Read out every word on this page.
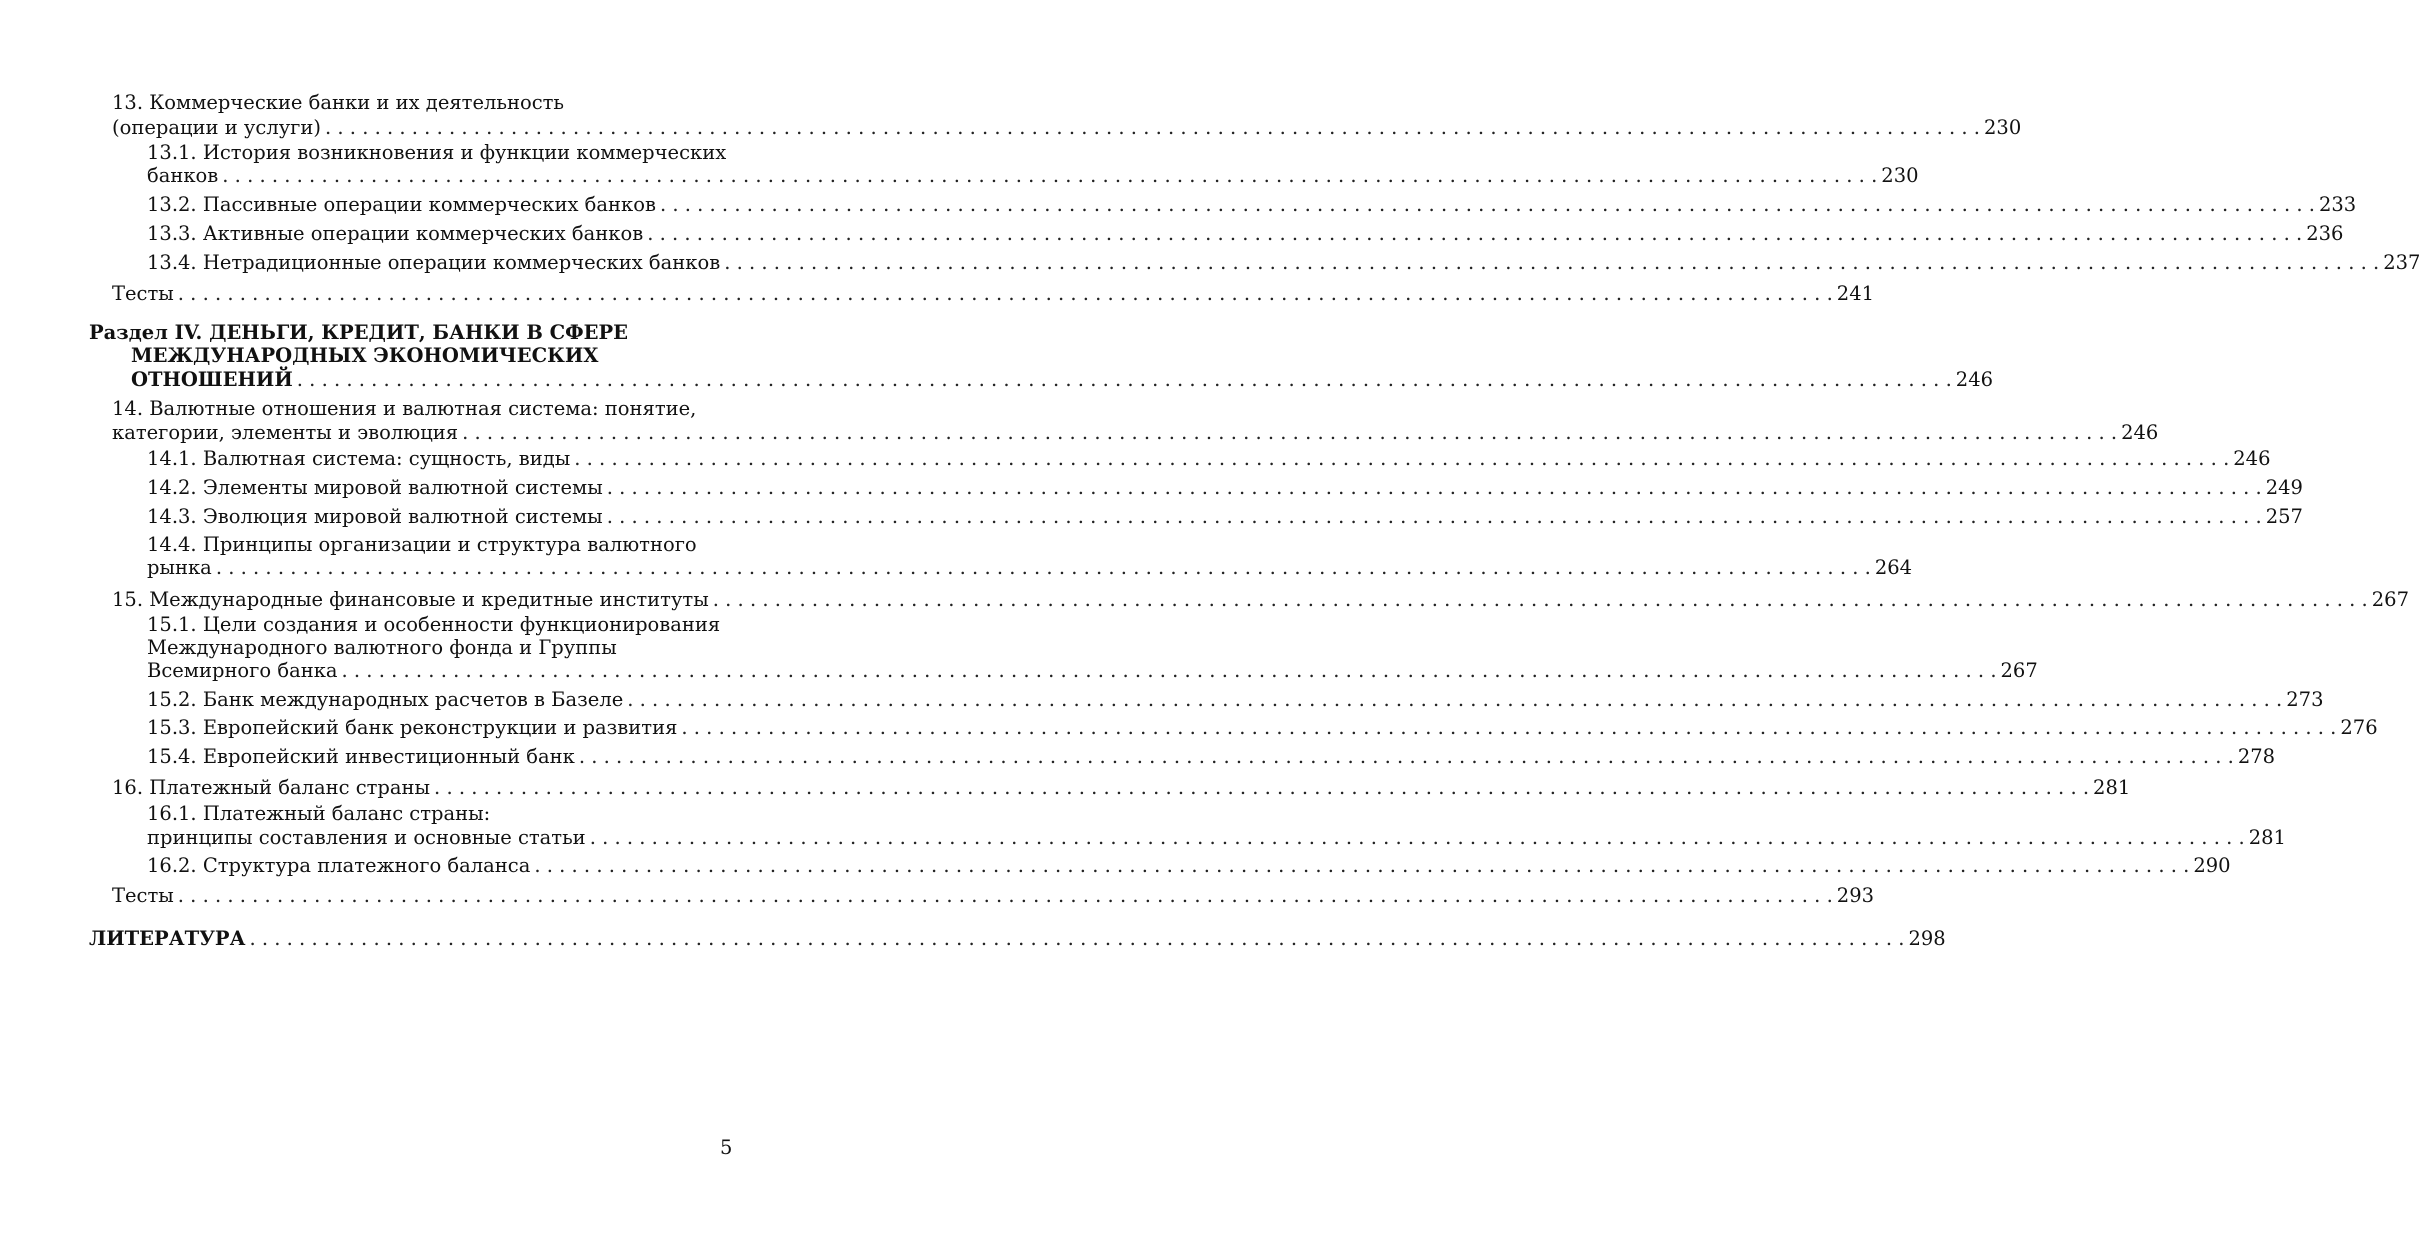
13. Коммерческие банки и их деятельность
(операции и услуги) . . .	230
13.1. История возникновения и функции коммерческих
банков . . .	230
13.2. Пассивные операции коммерческих банков . . .	233
13.3. Активные операции коммерческих банков . . .	236
13.4. Нетрадиционные операции коммерческих банков . . .	237
Тесты . . .	241
Раздел IV. ДЕНЬГИ, КРЕДИТ, БАНКИ В СФЕРЕ
МЕЖДУНАРОДНЫХ ЭКОНОМИЧЕСКИХ
ОТНОШЕНИЙ . . .	246
14. Валютные отношения и валютная система: понятие,
категории, элементы и эволюция . . .	246
14.1. Валютная система: сущность, виды . . .	246
14.2. Элементы мировой валютной системы . . .	249
14.3. Эволюция мировой валютной системы . . .	257
14.4. Принципы организации и структура валютного
рынка . . .	264
15. Международные финансовые и кредитные институты . . .	267
15.1. Цели создания и особенности функционирования
Международного валютного фонда и Группы
Всемирного банка . . .	267
15.2. Банк международных расчетов в Базеле . . .	273
15.3. Европейский банк реконструкции и развития . . .	276
15.4. Европейский инвестиционный банк . . .	278
16. Платежный баланс страны . . .	281
16.1. Платежный баланс страны:
принципы составления и основные статьи . . .	281
16.2. Структура платежного баланса . . .	290
Тесты . . .	293
ЛИТЕРАТУРА . . .	298
5
